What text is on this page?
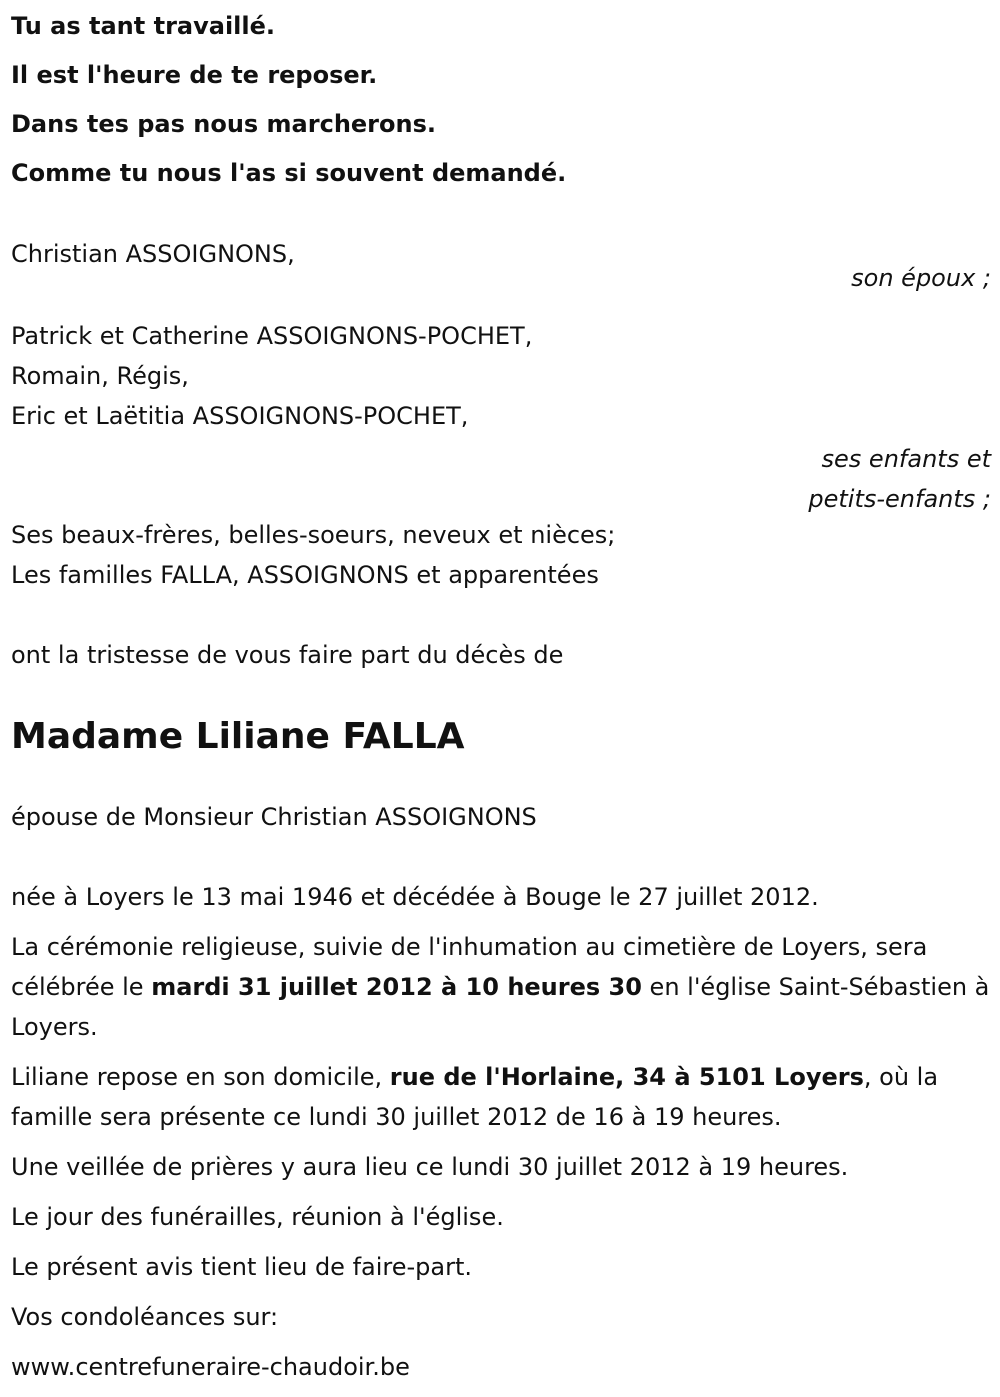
Tu as tant travaillé.
Il est l'heure de te reposer.
Dans tes pas nous marcherons.
Comme tu nous l'as si souvent demandé.
Christian ASSOIGNONS,
son époux ;
Patrick et Catherine ASSOIGNONS-POCHET,
Romain, Régis,
Eric et Laëtitia ASSOIGNONS-POCHET,
ses enfants et
petits-enfants ;
Ses beaux-frères, belles-soeurs, neveux et nièces;
Les familles FALLA, ASSOIGNONS et apparentées
ont la tristesse de vous faire part du décès de
Madame Liliane FALLA
épouse de Monsieur Christian ASSOIGNONS
née à Loyers le 13 mai 1946 et décédée à Bouge le 27 juillet 2012.
La cérémonie religieuse, suivie de l'inhumation au cimetière de Loyers, sera célébrée le mardi 31 juillet 2012 à 10 heures 30 en l'église Saint-Sébastien à Loyers.
Liliane repose en son domicile, rue de l'Horlaine, 34 à 5101 Loyers, où la famille sera présente ce lundi 30 juillet 2012 de 16 à 19 heures.
Une veillée de prières y aura lieu ce lundi 30 juillet 2012 à 19 heures.
Le jour des funérailles, réunion à l'église.
Le présent avis tient lieu de faire-part.
Vos condoléances sur:
www.centrefuneraire-chaudoir.be
